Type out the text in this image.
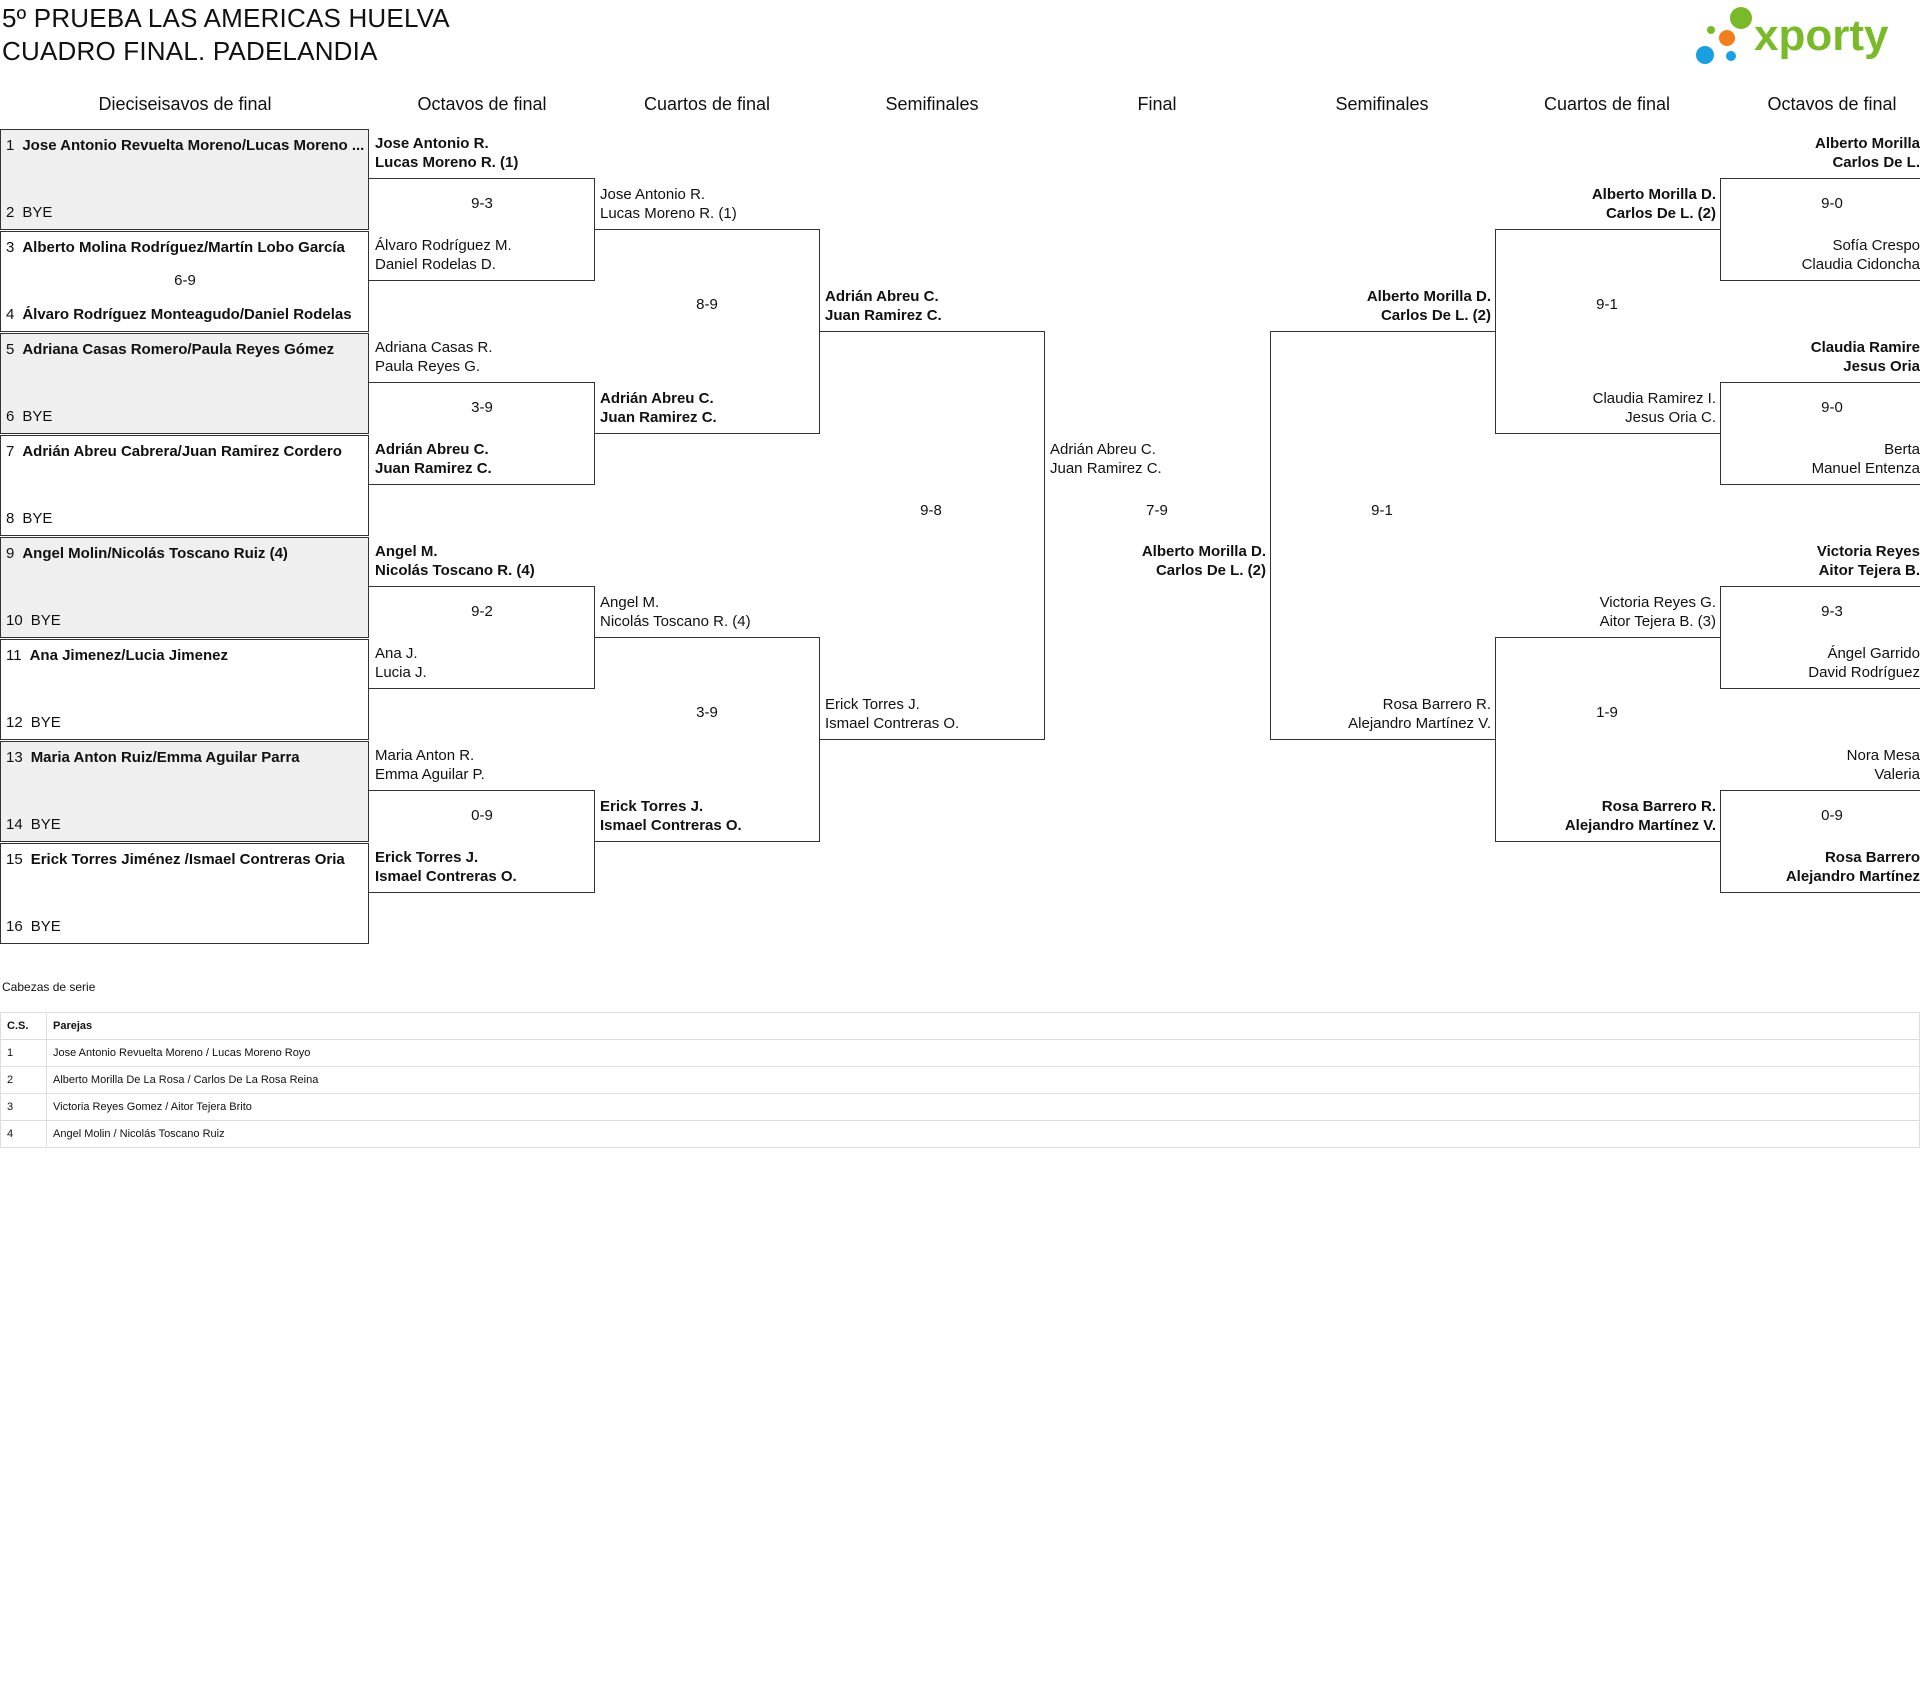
5º PRUEBA LAS AMERICAS HUELVA
CUADRO FINAL. PADELANDIA	xporty
Dieciseisavos de final	Octavos de final	Cuartos de final	Semifinales	Final	Semifinales	Cuartos de final	Octavos de final
1 Jose Antonio Revuelta Moreno/Lucas Moreno ...
2 BYE
3 Alberto Molina Rodríguez/Martín Lobo García
4 Álvaro Rodríguez Monteagudo/Daniel Rodelas
5 Adriana Casas Romero/Paula Reyes Gómez
6 BYE
7 Adrián Abreu Cabrera/Juan Ramirez Cordero
8 BYE
9 Angel Molin/Nicolás Toscano Ruiz (4)
10 BYE
11 Ana Jimenez/Lucia Jimenez
12 BYE
13 Maria Anton Ruiz/Emma Aguilar Parra
14 BYE
15 Erick Torres Jiménez /Ismael Contreras Oria
16 BYE
6-9
Jose Antonio R.
Lucas Moreno R. (1)
Álvaro Rodríguez M.
Daniel Rodelas D.
Adriana Casas R.
Paula Reyes G.
Adrián Abreu C.
Juan Ramirez C.
Angel M.
Nicolás Toscano R. (4)
Ana J.
Lucia J.
Maria Anton R.
Emma Aguilar P.
Erick Torres J.
Ismael Contreras O.
9-3
3-9
9-2
0-9
Jose Antonio R.
Lucas Moreno R. (1)
Adrián Abreu C.
Juan Ramirez C.
Angel M.
Nicolás Toscano R. (4)
Erick Torres J.
Ismael Contreras O.
8-9
3-9
Adrián Abreu C.
Juan Ramirez C.
Erick Torres J.
Ismael Contreras O.
9-8
Adrián Abreu C.
Juan Ramirez C.
7-9
Alberto Morilla D.
Carlos De L. (2)
Alberto Morilla D.
Carlos De L. (2)
Rosa Barrero R.
Alejandro Martínez V.
9-1
Alberto Morilla D.
Carlos De L. (2)
Claudia Ramirez I.
Jesus Oria C.
Victoria Reyes G.
Aitor Tejera B. (3)
Rosa Barrero R.
Alejandro Martínez V.
9-1
1-9
Alberto Morilla
Carlos De L.
Sofía Crespo
Claudia Cidoncha
Claudia Ramire
Jesus Oria
Berta
Manuel Entenza
Victoria Reyes
Aitor Tejera B.
Ángel Garrido
David Rodríguez
Nora Mesa
Valeria
Rosa Barrero
Alejandro Martínez
9-0
9-0
9-3
0-9
Cabezas de serie
C.S.	Parejas
1	Jose Antonio Revuelta Moreno / Lucas Moreno Royo
2	Alberto Morilla De La Rosa / Carlos De La Rosa Reina
3	Victoria Reyes Gomez / Aitor Tejera Brito
4	Angel Molin / Nicolás Toscano Ruiz
